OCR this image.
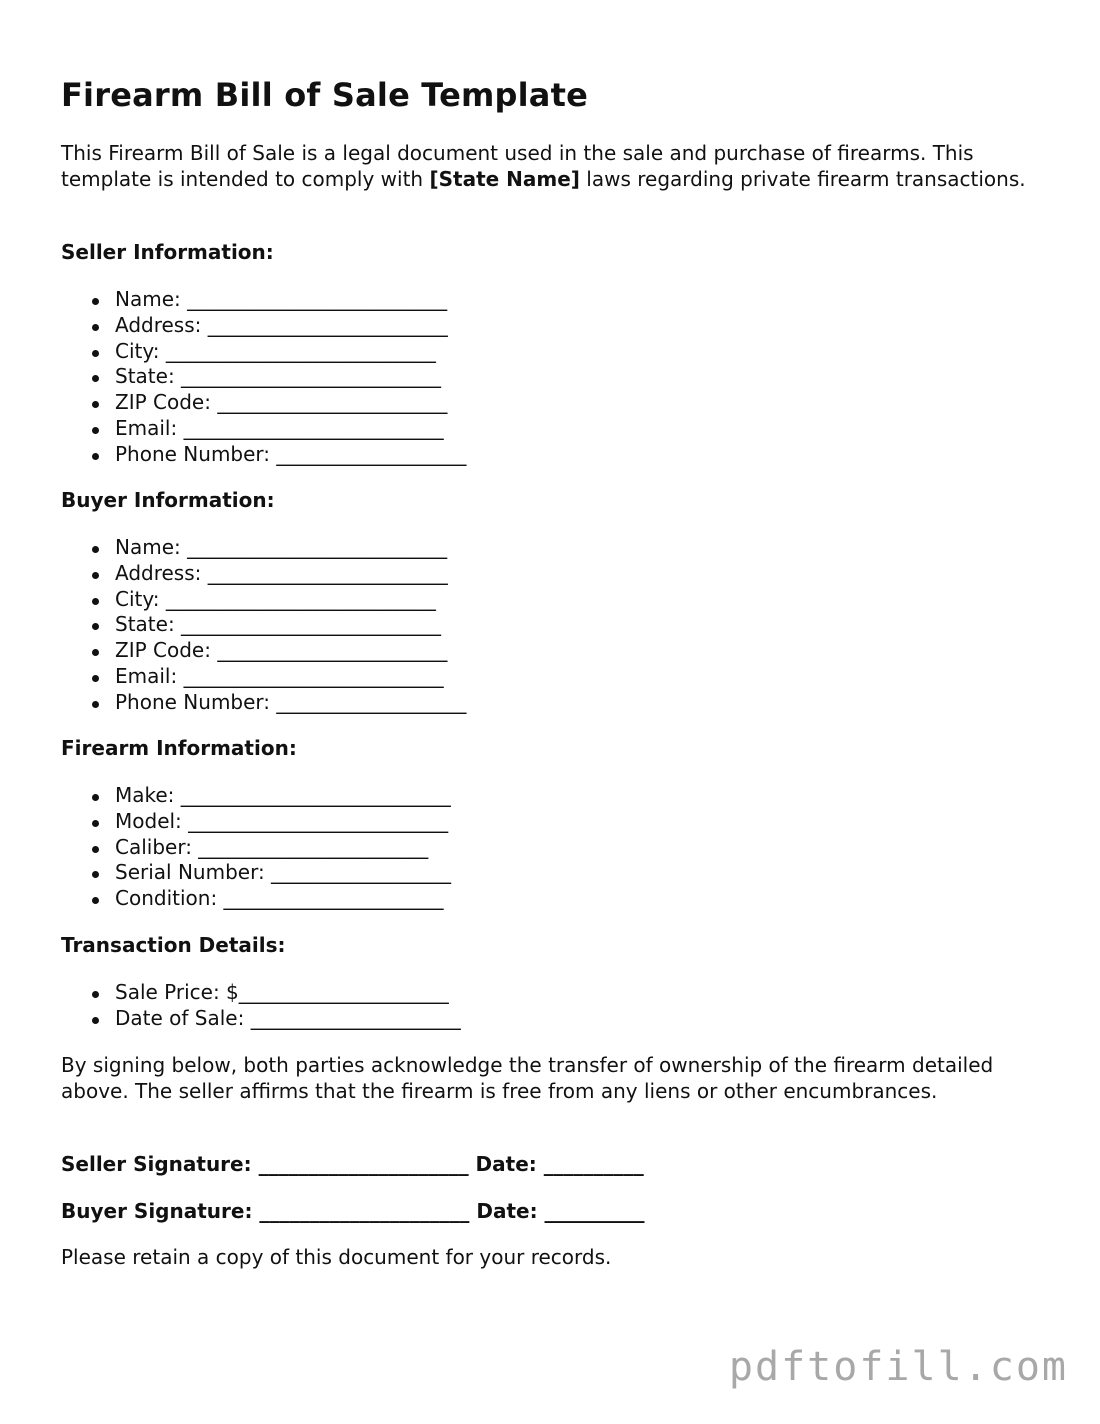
Firearm Bill of Sale Template

This Firearm Bill of Sale is a legal document used in the sale and purchase of firearms. This template is intended to comply with [State Name] laws regarding private firearm transactions.

Seller Information:
Name: __________________________
Address: ________________________
City: ___________________________
State: __________________________
ZIP Code: _______________________
Email: __________________________
Phone Number: ___________________
Buyer Information:
Name: __________________________
Address: ________________________
City: ___________________________
State: __________________________
ZIP Code: _______________________
Email: __________________________
Phone Number: ___________________
Firearm Information:
Make: ___________________________
Model: __________________________
Caliber: _______________________
Serial Number: __________________
Condition: ______________________
Transaction Details:
Sale Price: $_____________________
Date of Sale: _____________________

By signing below, both parties acknowledge the transfer of ownership of the firearm detailed above. The seller affirms that the firearm is free from any liens or other encumbrances.

Seller Signature: _____________________ Date: __________

Buyer Signature: _____________________ Date: __________

Please retain a copy of this document for your records.

pdftofill.com
